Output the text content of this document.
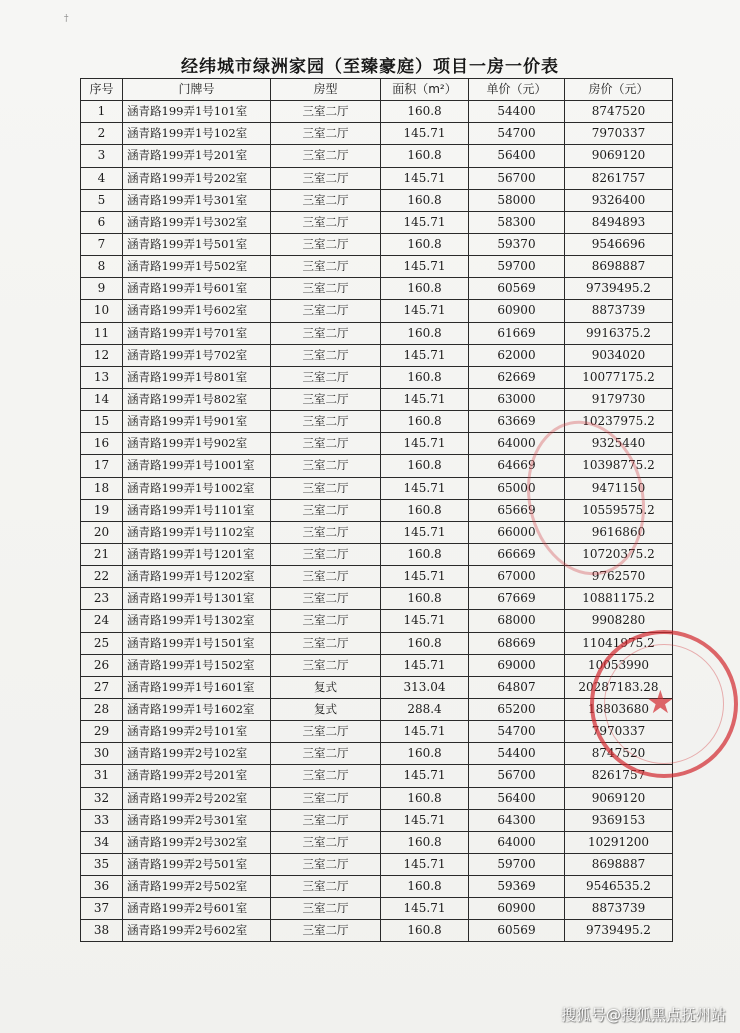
†
经纬城市绿洲家园（至臻豪庭）项目一房一价表
序号	门牌号	房型	面积（m²）	单价（元）	房价（元）
1	涵青路199弄1号101室	三室二厅	160.8	54400	8747520
2	涵青路199弄1号102室	三室二厅	145.71	54700	7970337
3	涵青路199弄1号201室	三室二厅	160.8	56400	9069120
4	涵青路199弄1号202室	三室二厅	145.71	56700	8261757
5	涵青路199弄1号301室	三室二厅	160.8	58000	9326400
6	涵青路199弄1号302室	三室二厅	145.71	58300	8494893
7	涵青路199弄1号501室	三室二厅	160.8	59370	9546696
8	涵青路199弄1号502室	三室二厅	145.71	59700	8698887
9	涵青路199弄1号601室	三室二厅	160.8	60569	9739495.2
10	涵青路199弄1号602室	三室二厅	145.71	60900	8873739
11	涵青路199弄1号701室	三室二厅	160.8	61669	9916375.2
12	涵青路199弄1号702室	三室二厅	145.71	62000	9034020
13	涵青路199弄1号801室	三室二厅	160.8	62669	10077175.2
14	涵青路199弄1号802室	三室二厅	145.71	63000	9179730
15	涵青路199弄1号901室	三室二厅	160.8	63669	10237975.2
16	涵青路199弄1号902室	三室二厅	145.71	64000	9325440
17	涵青路199弄1号1001室	三室二厅	160.8	64669	10398775.2
18	涵青路199弄1号1002室	三室二厅	145.71	65000	9471150
19	涵青路199弄1号1101室	三室二厅	160.8	65669	10559575.2
20	涵青路199弄1号1102室	三室二厅	145.71	66000	9616860
21	涵青路199弄1号1201室	三室二厅	160.8	66669	10720375.2
22	涵青路199弄1号1202室	三室二厅	145.71	67000	9762570
23	涵青路199弄1号1301室	三室二厅	160.8	67669	10881175.2
24	涵青路199弄1号1302室	三室二厅	145.71	68000	9908280
25	涵青路199弄1号1501室	三室二厅	160.8	68669	11041975.2
26	涵青路199弄1号1502室	三室二厅	145.71	69000	10053990
27	涵青路199弄1号1601室	复式	313.04	64807	20287183.28
28	涵青路199弄1号1602室	复式	288.4	65200	18803680
29	涵青路199弄2号101室	三室二厅	145.71	54700	7970337
30	涵青路199弄2号102室	三室二厅	160.8	54400	8747520
31	涵青路199弄2号201室	三室二厅	145.71	56700	8261757
32	涵青路199弄2号202室	三室二厅	160.8	56400	9069120
33	涵青路199弄2号301室	三室二厅	145.71	64300	9369153
34	涵青路199弄2号302室	三室二厅	160.8	64000	10291200
35	涵青路199弄2号501室	三室二厅	145.71	59700	8698887
36	涵青路199弄2号502室	三室二厅	160.8	59369	9546535.2
37	涵青路199弄2号601室	三室二厅	145.71	60900	8873739
38	涵青路199弄2号602室	三室二厅	160.8	60569	9739495.2
★
搜狐号@搜狐黑点抚州站
